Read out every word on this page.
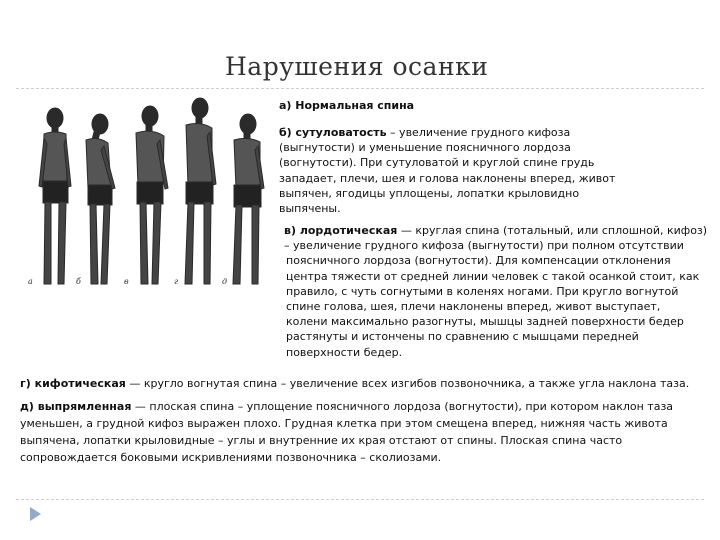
Нарушения осанки
а	б	в	г	д
а) Нормальная спина
б) сутуловатость – увеличение грудного кифоза
(выгнутости) и уменьшение поясничного лордоза
(вогнутости). При сутуловатой и круглой спине грудь
западает, плечи, шея и голова наклонены вперед, живот
выпячен, ягодицы уплощены, лопатки крыловидно
выпячены.
в) лордотическая — круглая спина (тотальный, или сплошной, кифоз)
– увеличение грудного кифоза (выгнутости) при полном отсутствии
поясничного лордоза (вогнутости). Для компенсации отклонения
центра тяжести от средней линии человек с такой осанкой стоит, как
правило, с чуть согнутыми в коленях ногами. При кругло вогнутой
спине голова, шея, плечи наклонены вперед, живот выступает,
колени максимально разогнуты, мышцы задней поверхности бедер
растянуты и истончены по сравнению с мышцами передней
поверхности бедер.
г) кифотическая — кругло вогнутая спина – увеличение всех изгибов позвоночника, а также угла наклона таза.
д) выпрямленная — плоская спина – уплощение поясничного лордоза (вогнутости), при котором наклон таза
уменьшен, а грудной кифоз выражен плохо. Грудная клетка при этом смещена вперед, нижняя часть живота
выпячена, лопатки крыловидные – углы и внутренние их края отстают от спины. Плоская спина часто
сопровождается боковыми искривлениями позвоночника – сколиозами.
